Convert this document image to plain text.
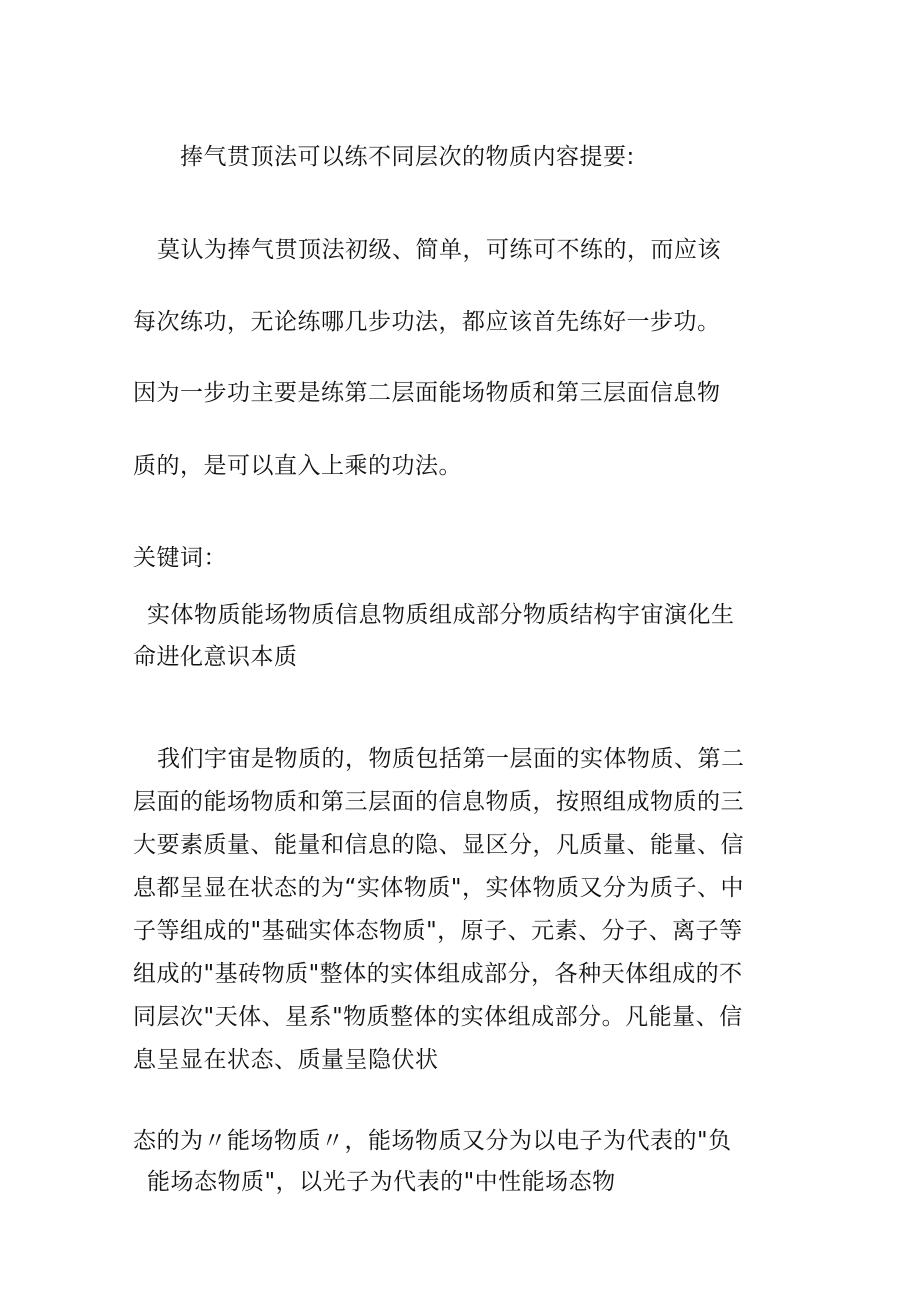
捧气贯顶法可以练不同层次的物质内容提要:
莫认为捧气贯顶法初级、简单，可练可不练的，而应该
每次练功，无论练哪几步功法，都应该首先练好一步功。
因为一步功主要是练第二层面能场物质和第三层面信息物
质的，是可以直入上乘的功法。
关键词：
实体物质能场物质信息物质组成部分物质结构宇宙演化生
命进化意识本质
我们宇宙是物质的，物质包括第一层面的实体物质、第二
层面的能场物质和第三层面的信息物质，按照组成物质的三
大要素质量、能量和信息的隐、显区分，凡质量、能量、信
息都呈显在状态的为“实体物质"，实体物质又分为质子、中
子等组成的"基础实体态物质"，原子、元素、分子、离子等
组成的"基砖物质"整体的实体组成部分，各种天体组成的不
同层次"天体、星系"物质整体的实体组成部分。凡能量、信
息呈显在状态、质量呈隐伏状
态的为〃能场物质〃，能场物质又分为以电子为代表的"负
能场态物质"，以光子为代表的"中性能场态物
